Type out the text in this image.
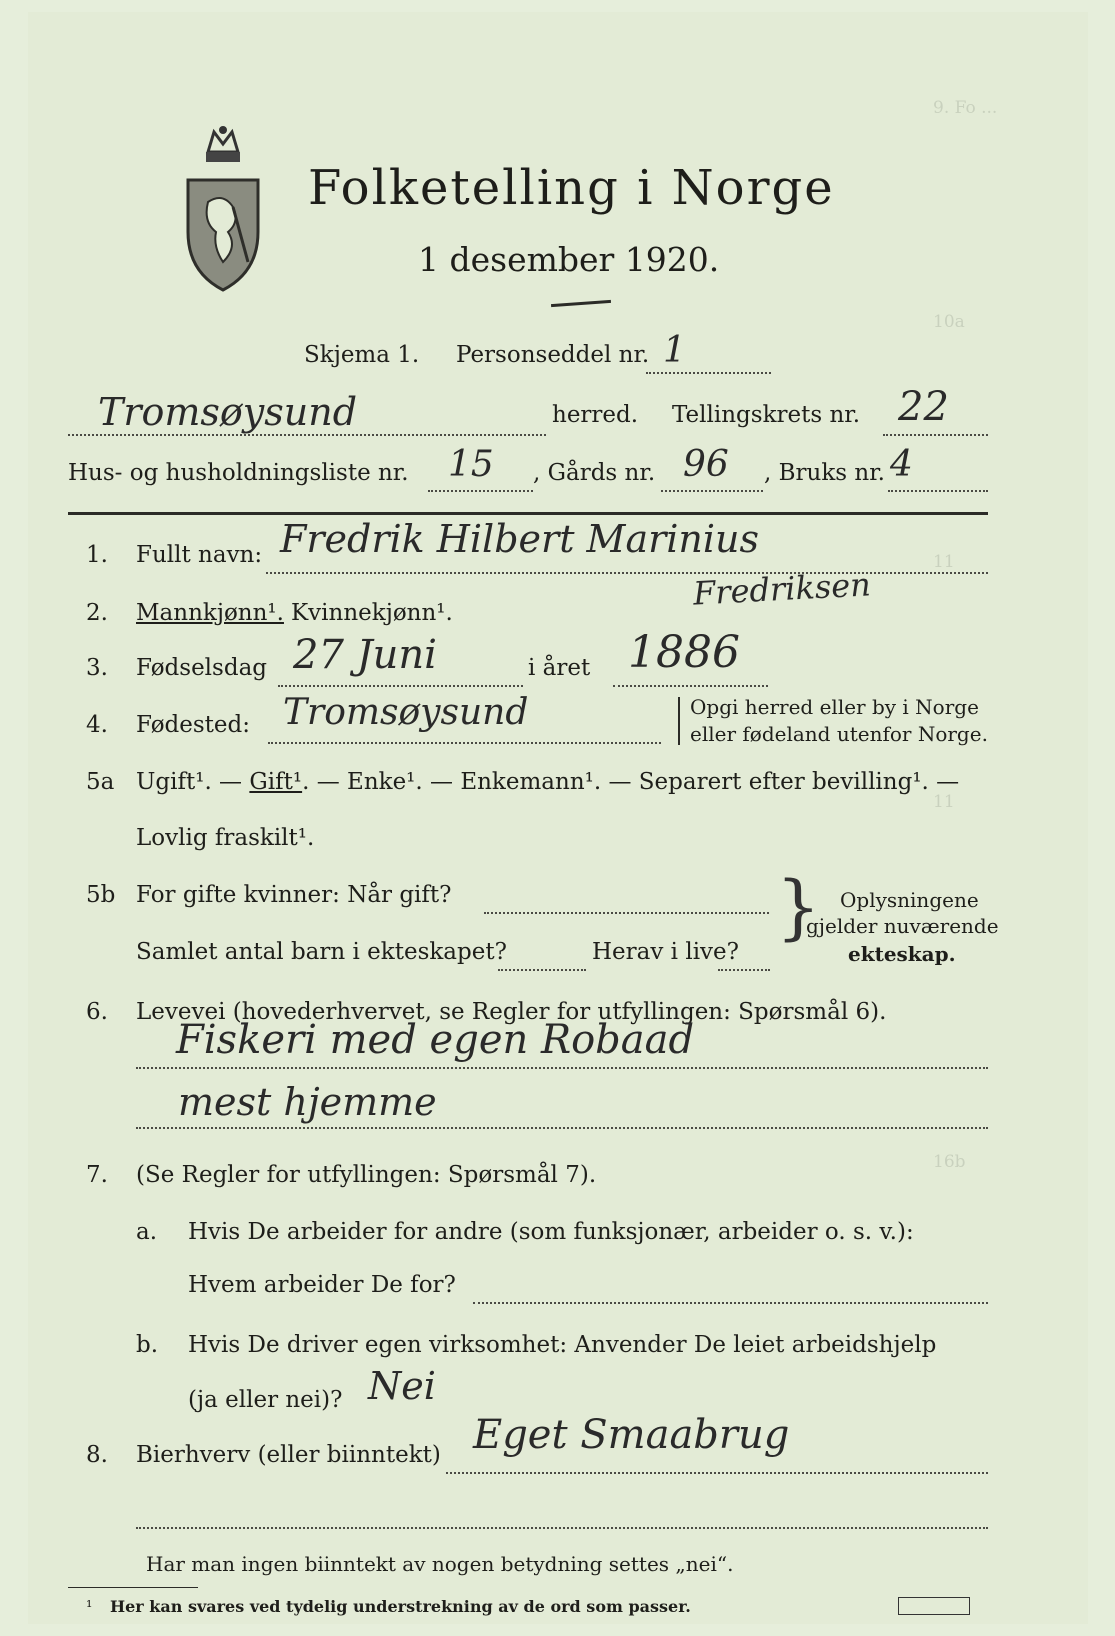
9. Fo ...
10a
11
11
16b
Folketelling i Norge
1 desember 1920.
Skjema 1. Personseddel nr. 1
Tromsøysund	herred. Tellingskrets nr. 22
Hus- og husholdningsliste nr. 15 , Gårds nr. 96 , Bruks nr. 4
1. Fullt navn: Fredrik Hilbert Marinius
2. Mannkjønn¹. Kvinnekjønn¹.
Fredriksen
3. Fødselsdag 27 Juni	i året 1886
4. Fødested: Tromsøysund	Opgi herred eller by i Norge
eller fødeland utenfor Norge.
5a Ugift¹. — Gift¹. — Enke¹. — Enkemann¹. — Separert efter bevilling¹. —
Lovlig fraskilt¹.
5b For gifte kvinner: Når gift?
Samlet antal barn i ekteskapet?	Herav i live?
} Oplysningene
gjelder nuværende
ekteskap.
6. Levevei (hovederhvervet, se Regler for utfyllingen: Spørsmål 6).
Fiskeri med egen Robaad
mest hjemme
7. (Se Regler for utfyllingen: Spørsmål 7).
a. Hvis De arbeider for andre (som funksjonær, arbeider o. s. v.):
Hvem arbeider De for?
b. Hvis De driver egen virksomhet: Anvender De leiet arbeidshjelp
(ja eller nei)? Nei
8. Bierhverv (eller biinntekt) Eget Smaabrug
Har man ingen biinntekt av nogen betydning settes „nei“.
¹ Her kan svares ved tydelig understrekning av de ord som passer.
